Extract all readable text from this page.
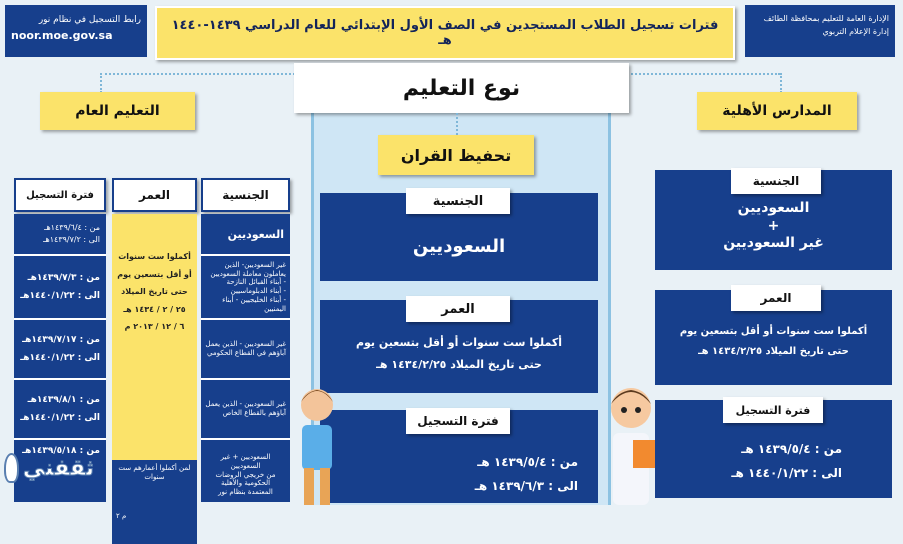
الإدارة العامة للتعليم بمحافظة الطائف
إدارة الإعلام التربوي
فترات تسجيل الطلاب المستجدين في الصف الأول الإبتدائي للعام الدراسي ١٤٣٩-١٤٤٠ هـ
رابط التسجيل في نظام نور
noor.moe.gov.sa
نوع التعليم
تحفيظ القران
السعوديين
الجنسية
أكملوا ست سنوات أو أقل بتسعين يوم
حتى تاريخ الميلاد ١٤٣٤/٢/٢٥ هـ
العمر
من : ١٤٣٩/٥/٤ هـ
الى : ١٤٣٩/٦/٣ هـ
فترة التسجيل
المدارس الأهلية
السعوديين
+
غير السعوديين
الجنسية
أكملوا ست سنوات أو أقل بتسعين يوم
حتى تاريخ الميلاد ١٤٣٤/٢/٢٥ هـ
العمر
من : ١٤٣٩/٥/٤ هـ
الى : ١٤٤٠/١/٢٢ هـ
فترة التسجيل
التعليم العام
الجنسية
العمر
فترة التسجيل
السعوديين
غير السعوديين- الذين يعاملون معاملة السعوديين
- أبناء القبائل النازحة
- أبناء الدبلوماسيين
- أبناء الخليجيين - أبناء اليمنيين
غير السعوديين - الذين يعمل
آباؤهم في القطاع الحكومي
غير السعوديين - الذين يعمل
آباؤهم بالقطاع الخاص
السعوديين + غير السعوديين
من خريجي الروضات
الحكومية والأهلية
المعتمدة بنظام نور
أكملوا ست سنوات
أو أقل بتسعين يوم
حتى تاريخ الميلاد
٢٥ / ٢ / ١٤٣٤ هـ
٦ / ١٢ / ٢٠١٣ م
لمن أكملوا أعمارهم ست سنوات
م ٢
من : ١٤٣٩/٦/٤هـ
الى : ١٤٣٩/٧/٢هـ
من : ١٤٣٩/٧/٣هـ
الى : ١٤٤٠/١/٢٢هـ
من : ١٤٣٩/٧/١٧هـ
الى : ١٤٤٠/١/٢٢هـ
من : ١٤٣٩/٨/١هـ
الى : ١٤٤٠/١/٢٢هـ
من : ١٤٣٩/٥/١٨هـ
ثقفني
